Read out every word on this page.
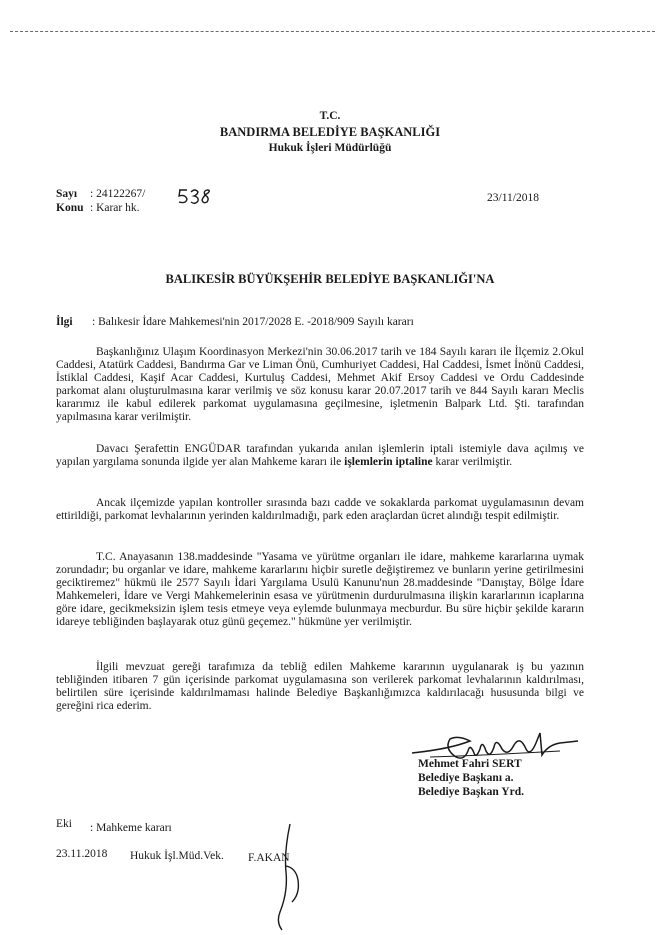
T.C.
BANDIRMA BELEDİYE BAŞKANLIĞI
Hukuk İşleri Müdürlüğü
Sayı : 24122267/	23/11/2018
Konu : Karar hk.
BALIKESİR BÜYÜKŞEHİR BELEDİYE BAŞKANLIĞI'NA
İlgi : Balıkesir İdare Mahkemesi'nin 2017/2028 E. -2018/909 Sayılı kararı

Başkanlığınız Ulaşım Koordinasyon Merkezi'nin 30.06.2017 tarih ve 184 Sayılı kararı ile İlçemiz 2.Okul Caddesi, Atatürk Caddesi, Bandırma Gar ve Liman Önü, Cumhuriyet Caddesi, Hal Caddesi, İsmet İnönü Caddesi, İstiklal Caddesi, Kaşif Acar Caddesi, Kurtuluş Caddesi, Mehmet Akif Ersoy Caddesi ve Ordu Caddesinde parkomat alanı oluşturulmasına karar verilmiş ve söz konusu karar 20.07.2017 tarih ve 844 Sayılı kararı Meclis kararımız ile kabul edilerek parkomat uygulamasına geçilmesine, işletmenin Balpark Ltd. Şti. tarafından yapılmasına karar verilmiştir.

Davacı Şerafettin ENGÜDAR tarafından yukarıda anılan işlemlerin iptali istemiyle dava açılmış ve yapılan yargılama sonunda ilgide yer alan Mahkeme kararı ile işlemlerin iptaline karar verilmiştir.

Ancak ilçemizde yapılan kontroller sırasında bazı cadde ve sokaklarda parkomat uygulamasının devam ettirildiği, parkomat levhalarının yerinden kaldırılmadığı, park eden araçlardan ücret alındığı tespit edilmiştir.

T.C. Anayasanın 138.maddesinde "Yasama ve yürütme organları ile idare, mahkeme kararlarına uymak zorundadır; bu organlar ve idare, mahkeme kararlarını hiçbir suretle değiştiremez ve bunların yerine getirilmesini geciktiremez" hükmü ile 2577 Sayılı İdari Yargılama Usulü Kanunu'nun 28.maddesinde "Danıştay, Bölge İdare Mahkemeleri, İdare ve Vergi Mahkemelerinin esasa ve yürütmenin durdurulmasına ilişkin kararlarının icaplarına göre idare, gecikmeksizin işlem tesis etmeye veya eylemde bulunmaya mecburdur. Bu süre hiçbir şekilde kararın idareye tebliğinden başlayarak otuz günü geçemez." hükmüne yer verilmiştir.

İlgili mevzuat gereği tarafımıza da tebliğ edilen Mahkeme kararının uygulanarak iş bu yazının tebliğinden itibaren 7 gün içerisinde parkomat uygulamasına son verilerek parkomat levhalarının kaldırılması, belirtilen süre içerisinde kaldırılmaması halinde Belediye Başkanlığımızca kaldırılacağı hususunda bilgi ve gereğini rica ederim.

Mehmet Fahri SERT
Belediye Başkanı a.
Belediye Başkan Yrd.
Eki : Mahkeme kararı
23.11.2018 Hukuk İşl.Müd.Vek. F.AKAN
